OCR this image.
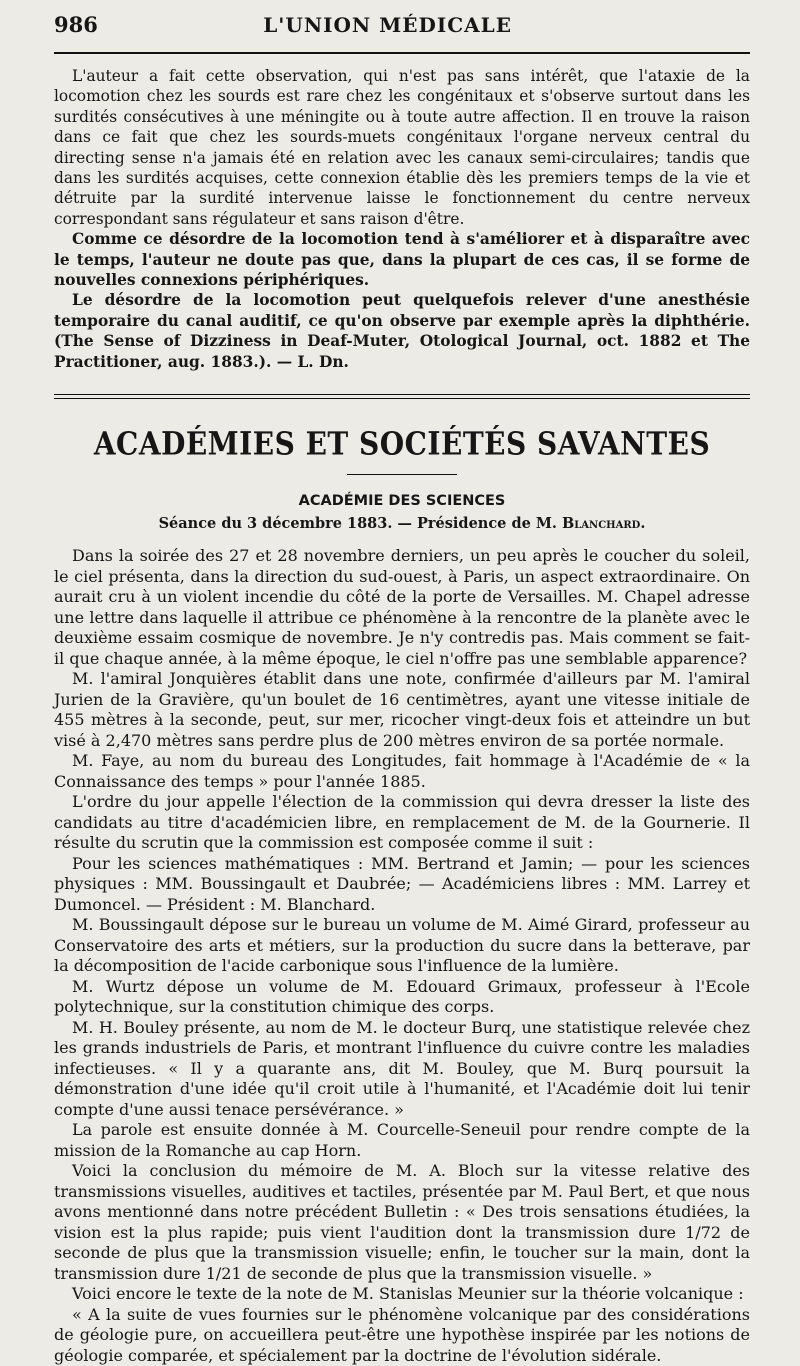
986	L'UNION MÉDICALE

L'auteur a fait cette observation, qui n'est pas sans intérêt, que l'ataxie de la locomotion chez les sourds est rare chez les congénitaux et s'observe surtout dans les surdités consécutives à une méningite ou à toute autre affection. Il en trouve la raison dans ce fait que chez les sourds-muets congénitaux l'organe nerveux central du directing sense n'a jamais été en relation avec les canaux semi-circulaires; tandis que dans les surdités acquises, cette connexion établie dès les premiers temps de la vie et détruite par la surdité intervenue laisse le fonctionnement du centre nerveux correspondant sans régulateur et sans raison d'être.

Comme ce désordre de la locomotion tend à s'améliorer et à disparaître avec le temps, l'auteur ne doute pas que, dans la plupart de ces cas, il se forme de nouvelles connexions périphériques.

Le désordre de la locomotion peut quelquefois relever d'une anesthésie temporaire du canal auditif, ce qu'on observe par exemple après la diphthérie. (The Sense of Dizziness in Deaf-Muter, Otological Journal, oct. 1882 et The Practitioner, aug. 1883.). — L. Dn.

ACADÉMIES ET SOCIÉTÉS SAVANTES
ACADÉMIE DES SCIENCES
Séance du 3 décembre 1883. — Présidence de M. Blanchard.

Dans la soirée des 27 et 28 novembre derniers, un peu après le coucher du soleil, le ciel présenta, dans la direction du sud-ouest, à Paris, un aspect extraordinaire. On aurait cru à un violent incendie du côté de la porte de Versailles. M. Chapel adresse une lettre dans laquelle il attribue ce phénomène à la rencontre de la planète avec le deuxième essaim cosmique de novembre. Je n'y contredis pas. Mais comment se fait-il que chaque année, à la même époque, le ciel n'offre pas une semblable apparence?

M. l'amiral Jonquières établit dans une note, confirmée d'ailleurs par M. l'amiral Jurien de la Gravière, qu'un boulet de 16 centimètres, ayant une vitesse initiale de 455 mètres à la seconde, peut, sur mer, ricocher vingt-deux fois et atteindre un but visé à 2,470 mètres sans perdre plus de 200 mètres environ de sa portée normale.

M. Faye, au nom du bureau des Longitudes, fait hommage à l'Académie de « la Connaissance des temps » pour l'année 1885.

L'ordre du jour appelle l'élection de la commission qui devra dresser la liste des candidats au titre d'académicien libre, en remplacement de M. de la Gournerie. Il résulte du scrutin que la commission est composée comme il suit :

Pour les sciences mathématiques : MM. Bertrand et Jamin; — pour les sciences physiques : MM. Boussingault et Daubrée; — Académiciens libres : MM. Larrey et Dumoncel. — Président : M. Blanchard.

M. Boussingault dépose sur le bureau un volume de M. Aimé Girard, professeur au Conservatoire des arts et métiers, sur la production du sucre dans la betterave, par la décomposition de l'acide carbonique sous l'influence de la lumière.

M. Wurtz dépose un volume de M. Edouard Grimaux, professeur à l'Ecole polytechnique, sur la constitution chimique des corps.

M. H. Bouley présente, au nom de M. le docteur Burq, une statistique relevée chez les grands industriels de Paris, et montrant l'influence du cuivre contre les maladies infectieuses. « Il y a quarante ans, dit M. Bouley, que M. Burq poursuit la démonstration d'une idée qu'il croit utile à l'humanité, et l'Académie doit lui tenir compte d'une aussi tenace persévérance. »

La parole est ensuite donnée à M. Courcelle-Seneuil pour rendre compte de la mission de la Romanche au cap Horn.

Voici la conclusion du mémoire de M. A. Bloch sur la vitesse relative des transmissions visuelles, auditives et tactiles, présentée par M. Paul Bert, et que nous avons mentionné dans notre précédent Bulletin : « Des trois sensations étudiées, la vision est la plus rapide; puis vient l'audition dont la transmission dure 1/72 de seconde de plus que la transmission visuelle; enfin, le toucher sur la main, dont la transmission dure 1/21 de seconde de plus que la transmission visuelle. »

Voici encore le texte de la note de M. Stanislas Meunier sur la théorie volcanique :

« A la suite de vues fournies sur le phénomène volcanique par des considérations de géologie pure, on accueillera peut-être une hypothèse inspirée par les notions de géologie comparée, et spécialement par la doctrine de l'évolution sidérale.
